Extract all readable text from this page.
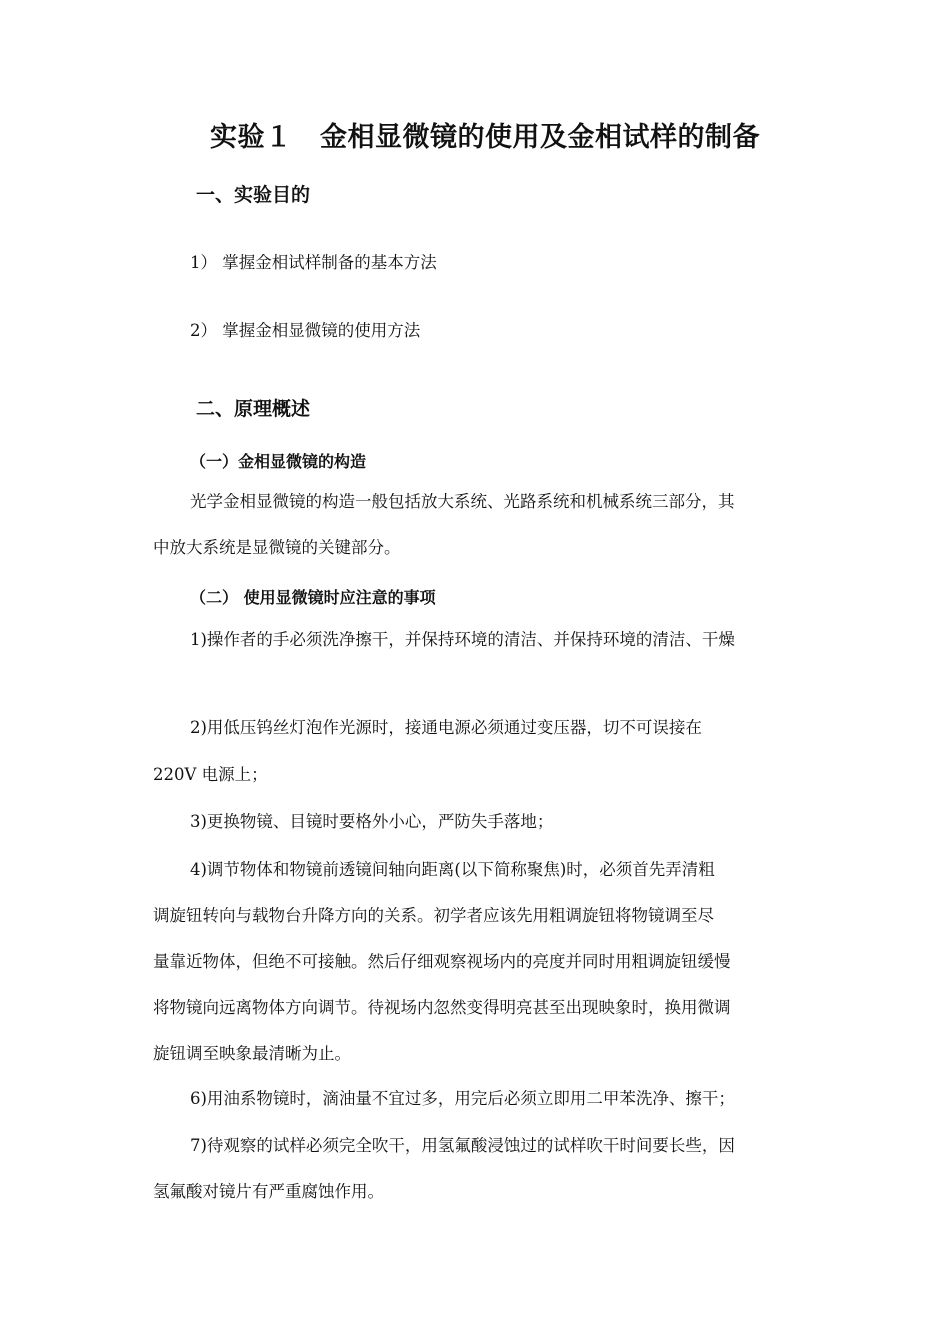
实验１　金相显微镜的使用及金相试样的制备
一、实验目的
1） 掌握金相试样制备的基本方法
2） 掌握金相显微镜的使用方法
二、原理概述
（一）金相显微镜的构造
光学金相显微镜的构造一般包括放大系统、光路系统和机械系统三部分，其
中放大系统是显微镜的关键部分。
（二） 使用显微镜时应注意的事项
1)操作者的手必须洗净擦干，并保持环境的清洁、并保持环境的清洁、干燥
2)用低压钨丝灯泡作光源时，接通电源必须通过变压器，切不可误接在
220V 电源上；
3)更换物镜、目镜时要格外小心，严防失手落地；
4)调节物体和物镜前透镜间轴向距离(以下简称聚焦)时，必须首先弄清粗
调旋钮转向与载物台升降方向的关系。初学者应该先用粗调旋钮将物镜调至尽
量靠近物体，但绝不可接触。然后仔细观察视场内的亮度并同时用粗调旋钮缓慢
将物镜向远离物体方向调节。待视场内忽然变得明亮甚至出现映象时，换用微调
旋钮调至映象最清晰为止。
6)用油系物镜时，滴油量不宜过多，用完后必须立即用二甲苯洗净、擦干；
7)待观察的试样必须完全吹干，用氢氟酸浸蚀过的试样吹干时间要长些，因
氢氟酸对镜片有严重腐蚀作用。
